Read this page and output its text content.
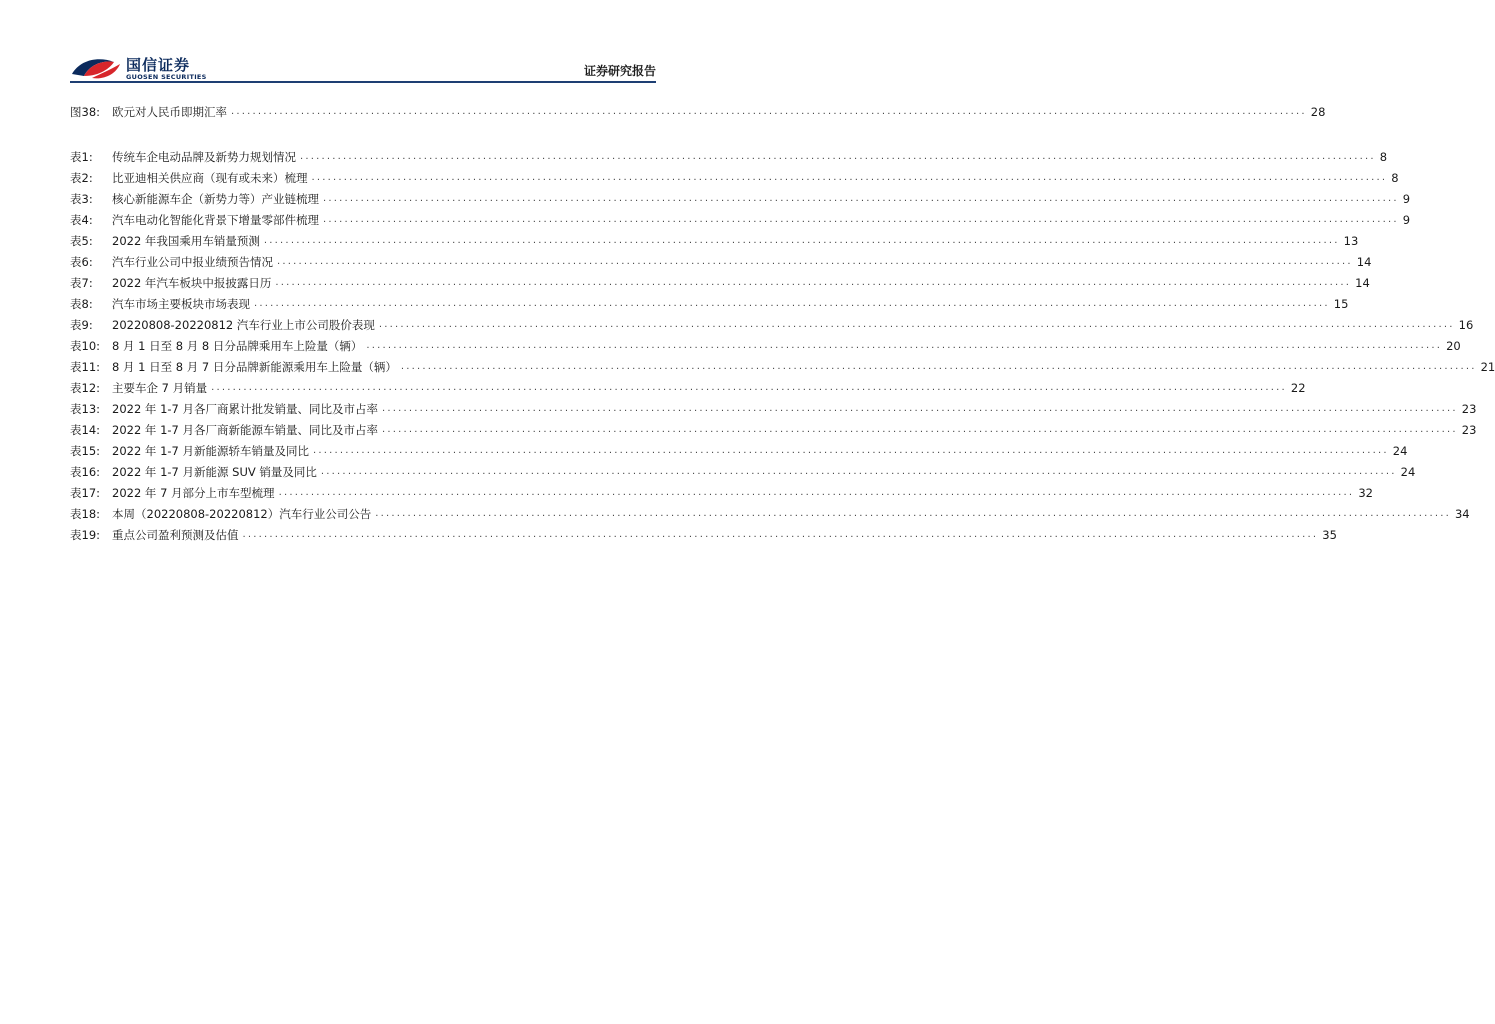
国信证券
GUOSEN SECURITIES	证券研究报告
图38:	欧元对人民币即期汇率 ........................................................................................................................................................................................................ 28
表1:	传统车企电动品牌及新势力规划情况 ........................................................................................................................................................................................................ 8
表2:	比亚迪相关供应商（现有或未来）梳理 ........................................................................................................................................................................................................ 8
表3:	核心新能源车企（新势力等）产业链梳理 ........................................................................................................................................................................................................ 9
表4:	汽车电动化智能化背景下增量零部件梳理 ........................................................................................................................................................................................................ 9
表5:	2022 年我国乘用车销量预测 ........................................................................................................................................................................................................ 13
表6:	汽车行业公司中报业绩预告情况 ........................................................................................................................................................................................................ 14
表7:	2022 年汽车板块中报披露日历 ........................................................................................................................................................................................................ 14
表8:	汽车市场主要板块市场表现 ........................................................................................................................................................................................................ 15
表9:	20220808-20220812 汽车行业上市公司股价表现 ........................................................................................................................................................................................................ 16
表10:	8 月 1 日至 8 月 8 日分品牌乘用车上险量（辆） ........................................................................................................................................................................................................ 20
表11:	8 月 1 日至 8 月 7 日分品牌新能源乘用车上险量（辆） ........................................................................................................................................................................................................ 21
表12:	主要车企 7 月销量 ........................................................................................................................................................................................................ 22
表13:	2022 年 1-7 月各厂商累计批发销量、同比及市占率 ........................................................................................................................................................................................................ 23
表14:	2022 年 1-7 月各厂商新能源车销量、同比及市占率 ........................................................................................................................................................................................................ 23
表15:	2022 年 1-7 月新能源轿车销量及同比 ........................................................................................................................................................................................................ 24
表16:	2022 年 1-7 月新能源 SUV 销量及同比 ........................................................................................................................................................................................................ 24
表17:	2022 年 7 月部分上市车型梳理 ........................................................................................................................................................................................................ 32
表18:	本周（20220808-20220812）汽车行业公司公告 ........................................................................................................................................................................................................ 34
表19:	重点公司盈利预测及估值 ........................................................................................................................................................................................................ 35
